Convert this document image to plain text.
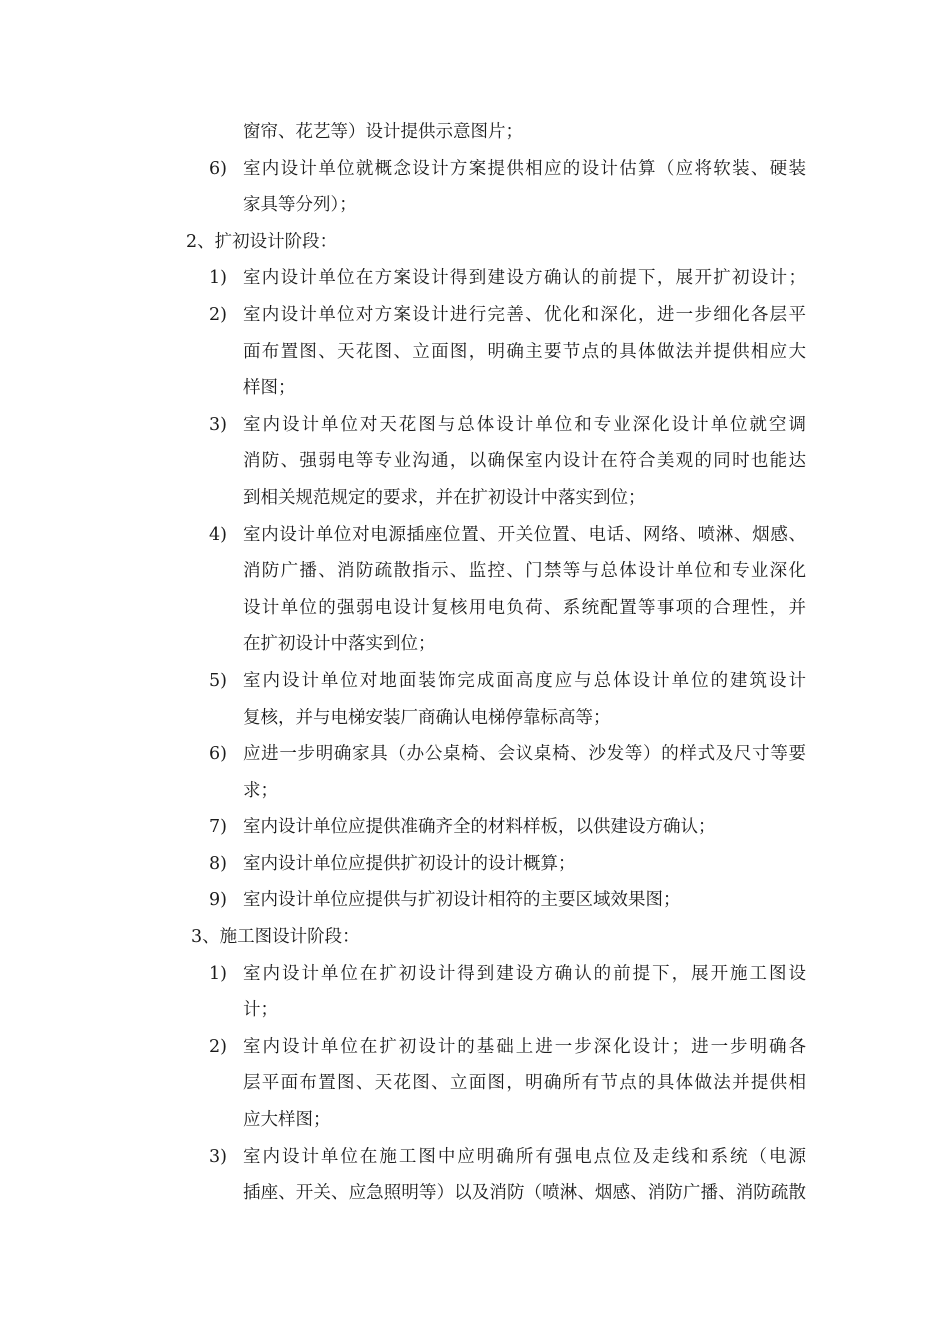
窗帘、花艺等）设计提供示意图片；
6) 室内设计单位就概念设计方案提供相应的设计估算（应将软装、硬装
家具等分列）；
2、扩初设计阶段：
1) 室内设计单位在方案设计得到建设方确认的前提下，展开扩初设计；
2) 室内设计单位对方案设计进行完善、优化和深化，进一步细化各层平
面布置图、天花图、立面图，明确主要节点的具体做法并提供相应大
样图；
3) 室内设计单位对天花图与总体设计单位和专业深化设计单位就空调
消防、强弱电等专业沟通，以确保室内设计在符合美观的同时也能达
到相关规范规定的要求，并在扩初设计中落实到位；
4) 室内设计单位对电源插座位置、开关位置、电话、网络、喷淋、烟感、
消防广播、消防疏散指示、监控、门禁等与总体设计单位和专业深化
设计单位的强弱电设计复核用电负荷、系统配置等事项的合理性，并
在扩初设计中落实到位；
5) 室内设计单位对地面装饰完成面高度应与总体设计单位的建筑设计
复核，并与电梯安装厂商确认电梯停靠标高等；
6) 应进一步明确家具（办公桌椅、会议桌椅、沙发等）的样式及尺寸等要
求；
7) 室内设计单位应提供准确齐全的材料样板，以供建设方确认；
8) 室内设计单位应提供扩初设计的设计概算；
9) 室内设计单位应提供与扩初设计相符的主要区域效果图；
3、施工图设计阶段：
1) 室内设计单位在扩初设计得到建设方确认的前提下，展开施工图设
计；
2) 室内设计单位在扩初设计的基础上进一步深化设计；进一步明确各
层平面布置图、天花图、立面图，明确所有节点的具体做法并提供相
应大样图；
3) 室内设计单位在施工图中应明确所有强电点位及走线和系统（电源
插座、开关、应急照明等）以及消防（喷淋、烟感、消防广播、消防疏散
